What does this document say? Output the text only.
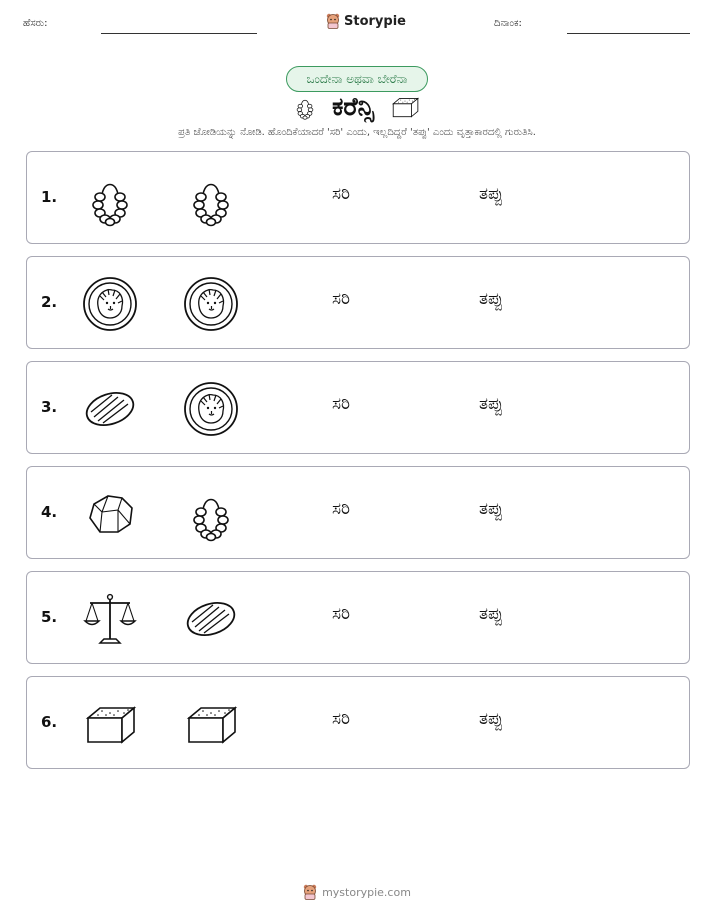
ಹೆಸರು:	Storypie	ದಿನಾಂಕ:
ಒಂದೇನಾ ಅಥವಾ ಬೇರೆನಾ
ಕರೆನ್ಸಿ
ಪ್ರತಿ ಜೋಡಿಯನ್ನು ನೋಡಿ. ಹೊಂದಿಕೆಯಾದರೆ 'ಸರಿ' ಎಂದು, ಇಲ್ಲದಿದ್ದರೆ 'ತಪ್ಪು' ಎಂದು ವೃತ್ತಾಕಾರದಲ್ಲಿ ಗುರುತಿಸಿ.
1.	ಸರಿ	ತಪ್ಪು
2.	ಸರಿ	ತಪ್ಪು
3.	ಸರಿ	ತಪ್ಪು
4.	ಸರಿ	ತಪ್ಪು
5.	ಸರಿ	ತಪ್ಪು
6.	ಸರಿ	ತಪ್ಪು
mystorypie.com
